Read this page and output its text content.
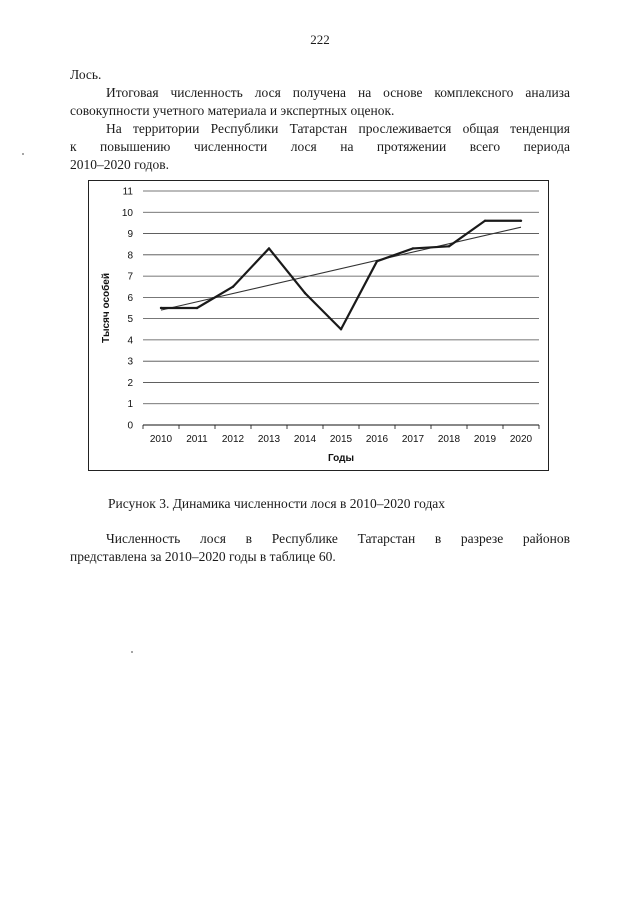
222

Лось.

Итоговая численность лося получена на основе комплексного анализа

совокупности учетного материала и экспертных оценок.

На территории Республики Татарстан прослеживается общая тенденция

к повышению численности лося на протяжении всего периода

2010–2020 годов.

0
1
2
3
4
5
6
7
8
9
10
11
2010 2011 2012 2013 2014 2015 2016 2017 2018 2019 2020
Годы
Тысяч особей
Рисунок 3. Динамика численности лося в 2010–2020 годах

Численность лося в Республике Татарстан в разрезе районов

представлена за 2010–2020 годы в таблице 60.
